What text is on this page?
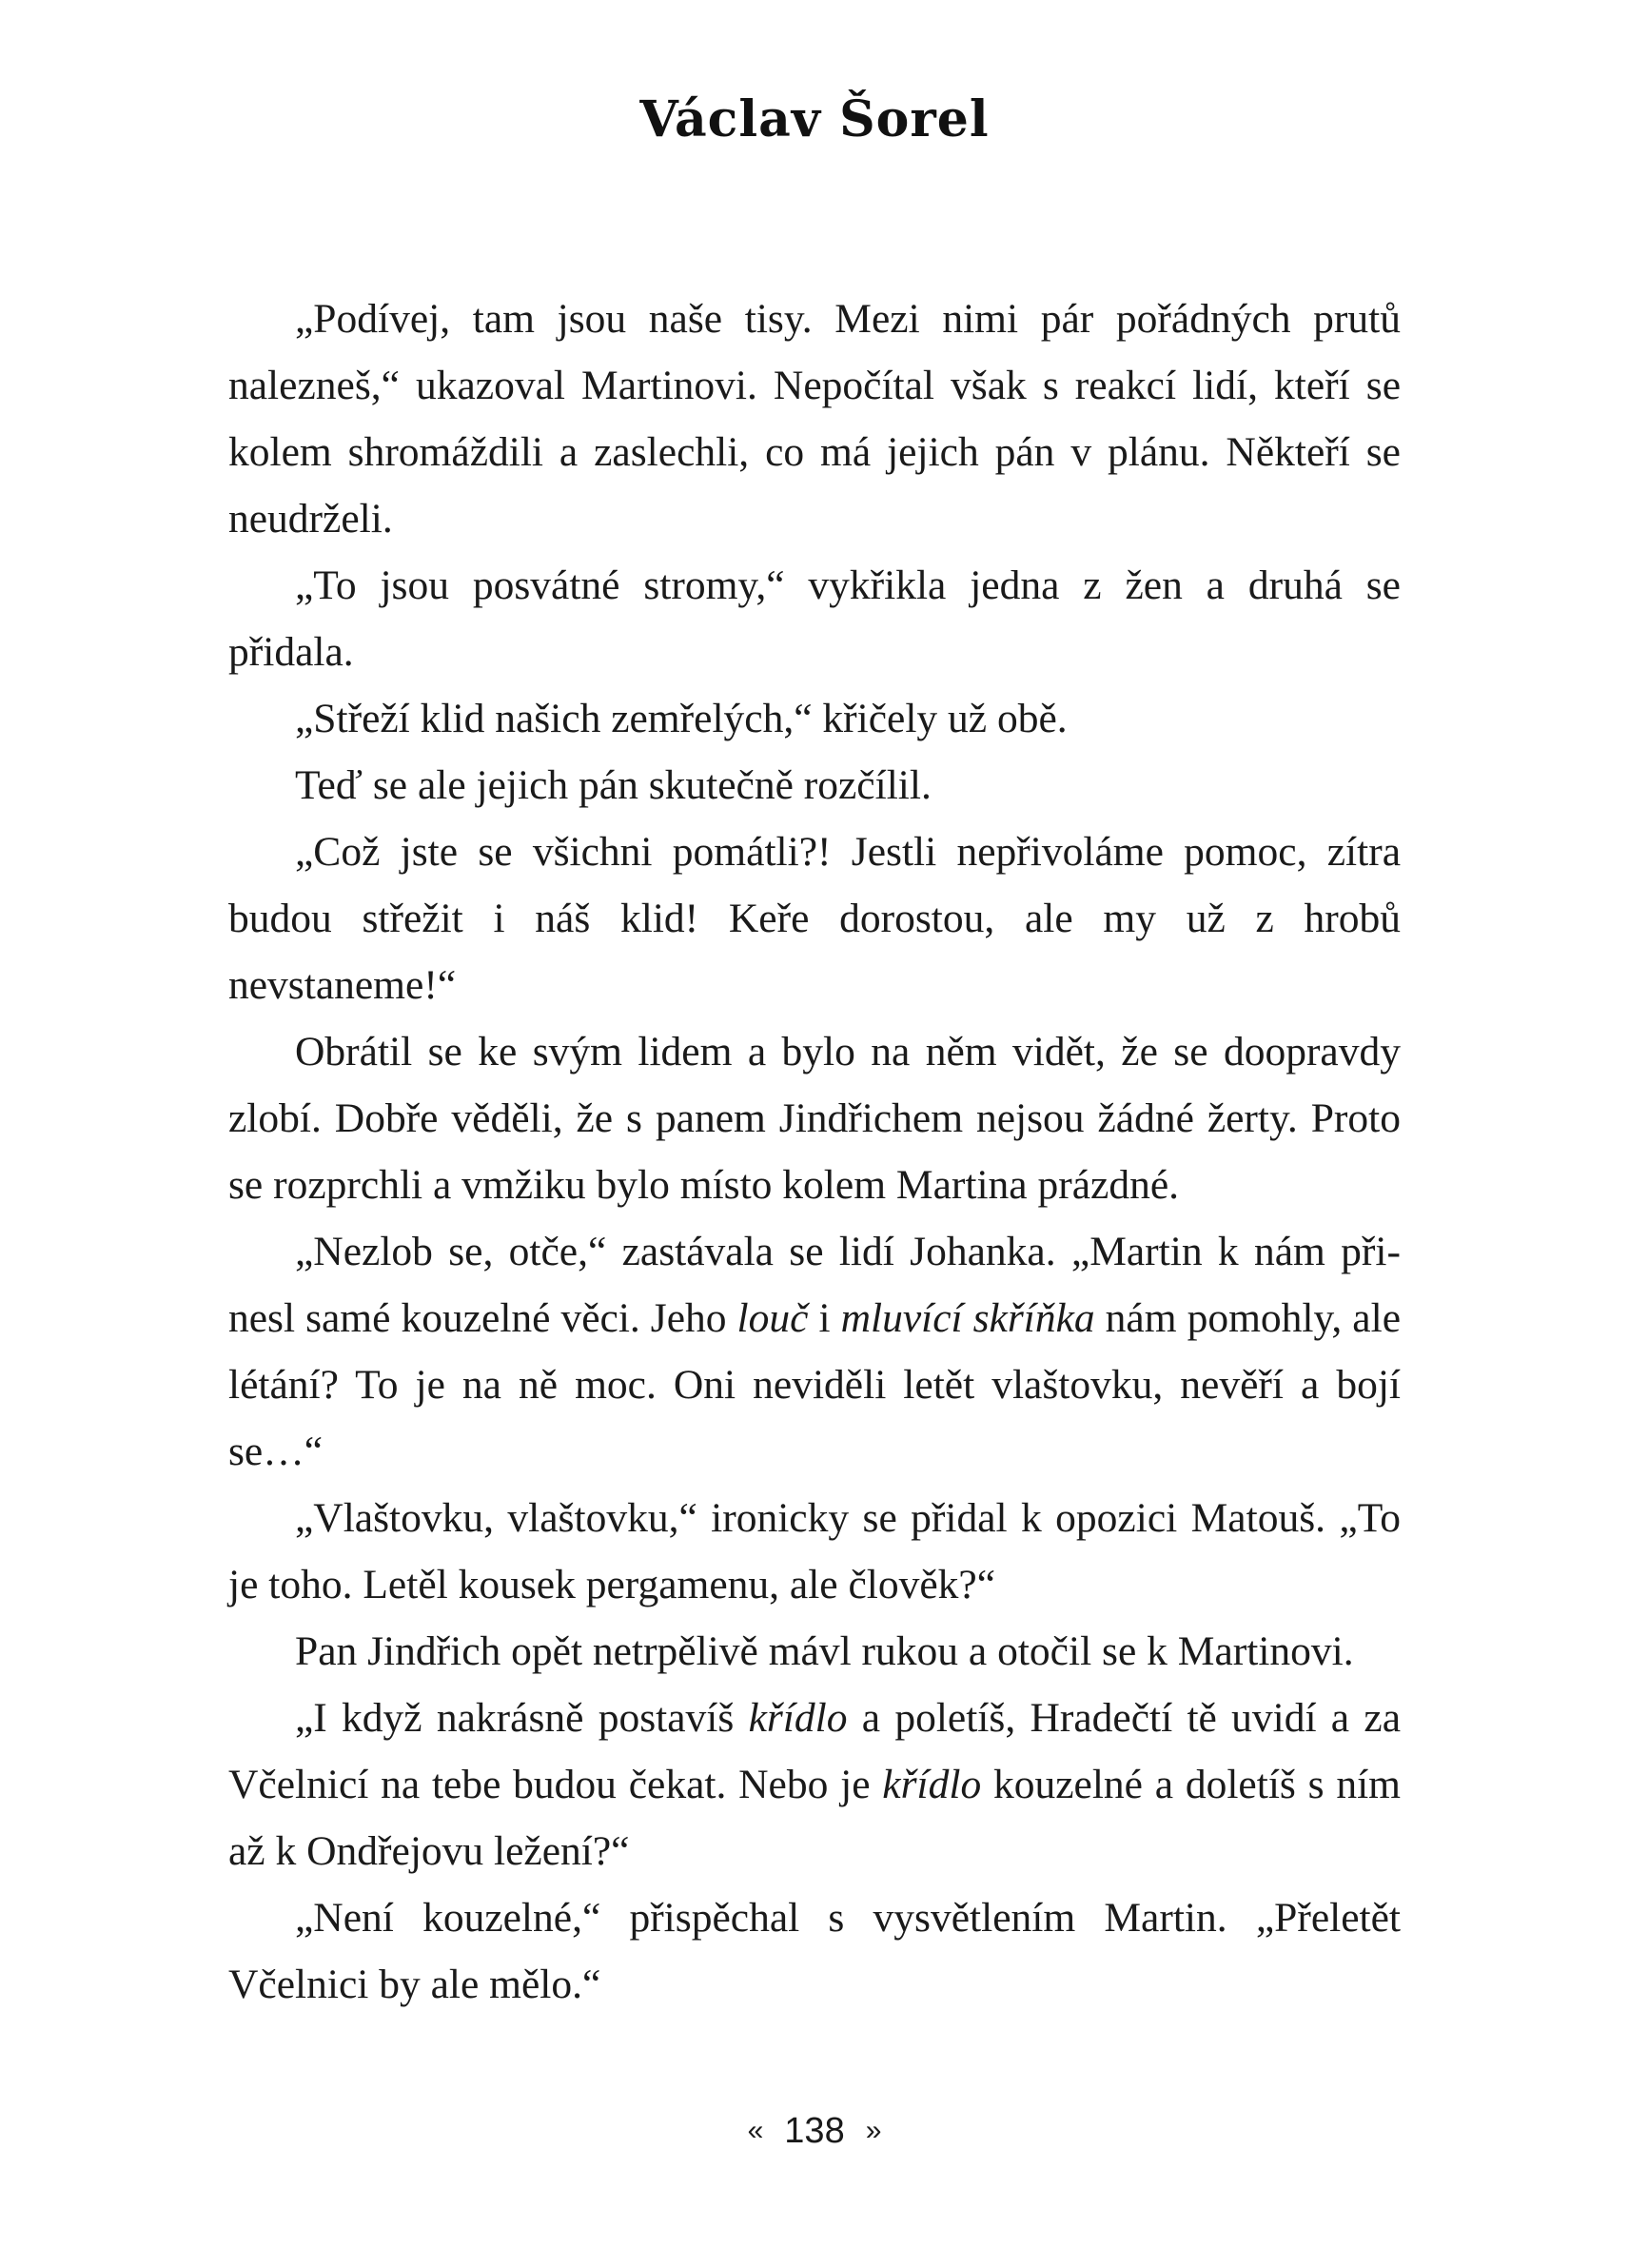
Václav Šorel

„Podívej, tam jsou naše tisy. Mezi nimi pár pořádných prutů nalezneš,“ ukazoval Martinovi. Nepočítal však s reakcí lidí, kteří se kolem shromáždili a zaslechli, co má jejich pán v plánu. Někteří se neudrželi.

„To jsou posvátné stromy,“ vykřikla jedna z žen a druhá se přidala.

„Střeží klid našich zemřelých,“ křičely už obě.

Teď se ale jejich pán skutečně rozčílil.

„Což jste se všichni pomátli?! Jestli nepřivoláme pomoc, zítra budou střežit i náš klid! Keře dorostou, ale my už z hrobů nevstaneme!“

Obrátil se ke svým lidem a bylo na něm vidět, že se doopravdy zlobí. Dobře věděli, že s panem Jindřichem nejsou žádné žerty. Proto se rozprchli a vmžiku bylo místo kolem Martina prázdné.

„Nezlob se, otče,“ zastávala se lidí Johanka. „Martin k nám přinesl samé kouzelné věci. Jeho louč i mluvící skříňka nám pomohly, ale létání? To je na ně moc. Oni neviděli letět vlaštovku, nevěří a bojí se…“

„Vlaštovku, vlaštovku,“ ironicky se přidal k opozici Matouš. „To je toho. Letěl kousek pergamenu, ale člověk?“

Pan Jindřich opět netrpělivě mávl rukou a otočil se k Martinovi.

„I když nakrásně postavíš křídlo a poletíš, Hradečtí tě uvidí a za Včelnicí na tebe budou čekat. Nebo je křídlo kouzelné a doletíš s ním až k Ondřejovu ležení?“

„Není kouzelné,“ přispěchal s vysvětlením Martin. „Přeletět Včelnici by ale mělo.“

« 138 »
